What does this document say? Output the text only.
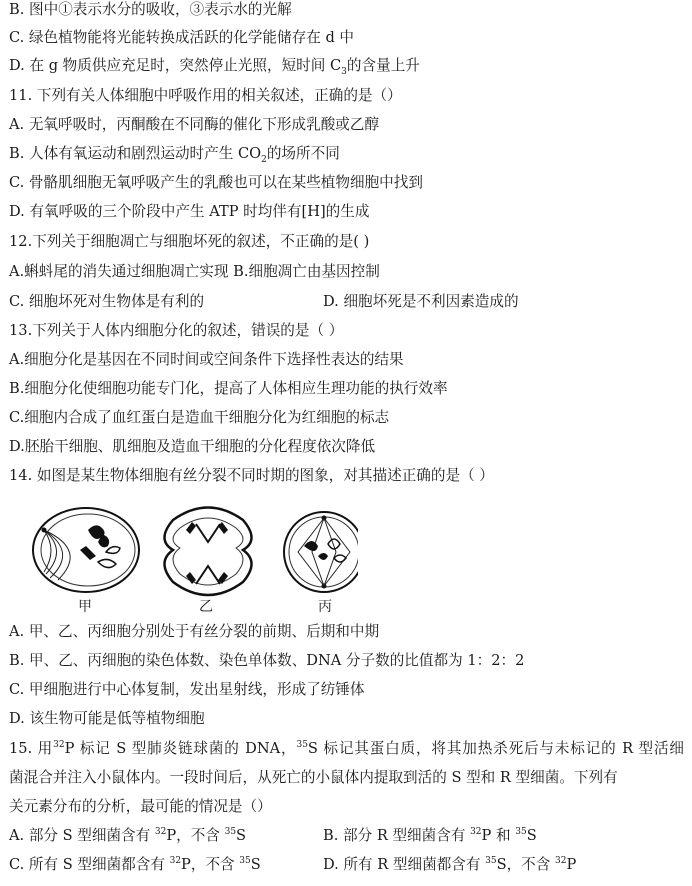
B. 图中①表示水分的吸收，③表示水的光解
C. 绿色植物能将光能转换成活跃的化学能储存在 d 中
D. 在 g 物质供应充足时，突然停止光照，短时间 $C_3$的含量上升
11. 下列有关人体细胞中呼吸作用的相关叙述，正确的是（）
A. 无氧呼吸时，丙酮酸在不同酶的催化下形成乳酸或乙醇
B. 人体有氧运动和剧烈运动时产生 $CO_2$的场所不同
C. 骨骼肌细胞无氧呼吸产生的乳酸也可以在某些植物细胞中找到
D. 有氧呼吸的三个阶段中产生 ATP 时均伴有[H]的生成
12.下列关于细胞凋亡与细胞坏死的叙述，不正确的是( )
A.蝌蚪尾的消失通过细胞凋亡实现 B.细胞凋亡由基因控制
C. 细胞坏死对生物体是有利的	D. 细胞坏死是不利因素造成的
13.下列关于人体内细胞分化的叙述，错误的是（ ）
A.细胞分化是基因在不同时间或空间条件下选择性表达的结果
B.细胞分化使细胞功能专门化，提高了人体相应生理功能的执行效率
C.细胞内合成了血红蛋白是造血干细胞分化为红细胞的标志
D.胚胎干细胞、肌细胞及造血干细胞的分化程度依次降低
14. 如图是某生物体细胞有丝分裂不同时期的图象，对其描述正确的是（ ）
甲	乙	丙
A. 甲、乙、丙细胞分别处于有丝分裂的前期、后期和中期
B. 甲、乙、丙细胞的染色体数、染色单体数、DNA 分子数的比值都为 1：2：2
C. 甲细胞进行中心体复制，发出星射线，形成了纺锤体
D. 该生物可能是低等植物细胞
15. 用$^{32}$P 标记 S 型肺炎链球菌的 DNA，$^{35}$S 标记其蛋白质，将其加热杀死后与未标记的 R 型活细
菌混合并注入小鼠体内。一段时间后，从死亡的小鼠体内提取到活的 S 型和 R 型细菌。下列有
关元素分布的分析，最可能的情况是（）
A. 部分 S 型细菌含有 $^{32}$P，不含 $^{35}$S	B. 部分 R 型细菌含有 $^{32}$P 和 $^{35}$S
C. 所有 S 型细菌都含有 $^{32}$P，不含 $^{35}$S	D. 所有 R 型细菌都含有 $^{35}$S，不含 $^{32}$P
